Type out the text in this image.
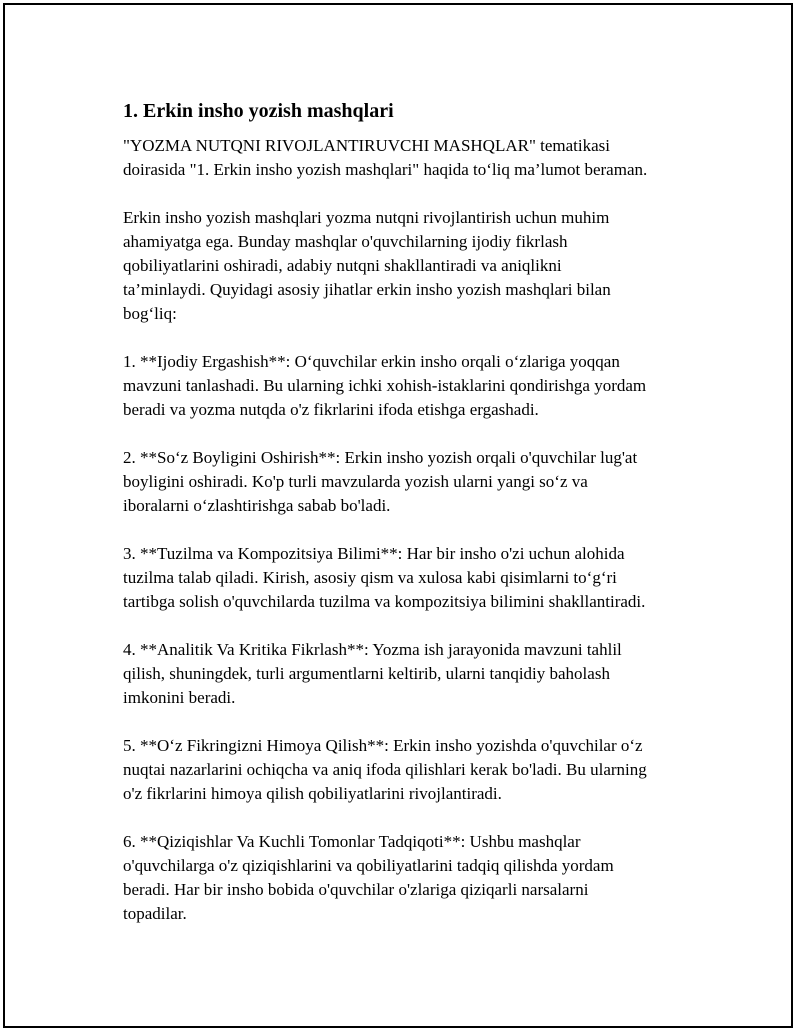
1. Erkin insho yozish mashqlari

"YOZMA NUTQNI RIVOJLANTIRUVCHI MASHQLAR" tematikasi
doirasida "1. Erkin insho yozish mashqlari" haqida to‘liq ma’lumot beraman.

Erkin insho yozish mashqlari yozma nutqni rivojlantirish uchun muhim
ahamiyatga ega. Bunday mashqlar o'quvchilarning ijodiy fikrlash
qobiliyatlarini oshiradi, adabiy nutqni shakllantiradi va aniqlikni
ta’minlaydi. Quyidagi asosiy jihatlar erkin insho yozish mashqlari bilan
bog‘liq:

1. **Ijodiy Ergashish**: O‘quvchilar erkin insho orqali o‘zlariga yoqqan
mavzuni tanlashadi. Bu ularning ichki xohish-istaklarini qondirishga yordam
beradi va yozma nutqda o'z fikrlarini ifoda etishga ergashadi.

2. **So‘z Boyligini Oshirish**: Erkin insho yozish orqali o'quvchilar lug'at
boyligini oshiradi. Ko'p turli mavzularda yozish ularni yangi so‘z va
iboralarni o‘zlashtirishga sabab bo'ladi.

3. **Tuzilma va Kompozitsiya Bilimi**: Har bir insho o'zi uchun alohida
tuzilma talab qiladi. Kirish, asosiy qism va xulosa kabi qisimlarni to‘g‘ri
tartibga solish o'quvchilarda tuzilma va kompozitsiya bilimini shakllantiradi.

4. **Analitik Va Kritika Fikrlash**: Yozma ish jarayonida mavzuni tahlil
qilish, shuningdek, turli argumentlarni keltirib, ularni tanqidiy baholash
imkonini beradi.

5. **O‘z Fikringizni Himoya Qilish**: Erkin insho yozishda o'quvchilar o‘z
nuqtai nazarlarini ochiqcha va aniq ifoda qilishlari kerak bo'ladi. Bu ularning
o'z fikrlarini himoya qilish qobiliyatlarini rivojlantiradi.

6. **Qiziqishlar Va Kuchli Tomonlar Tadqiqoti**: Ushbu mashqlar
o'quvchilarga o'z qiziqishlarini va qobiliyatlarini tadqiq qilishda yordam
beradi. Har bir insho bobida o'quvchilar o'zlariga qiziqarli narsalarni
topadilar.
